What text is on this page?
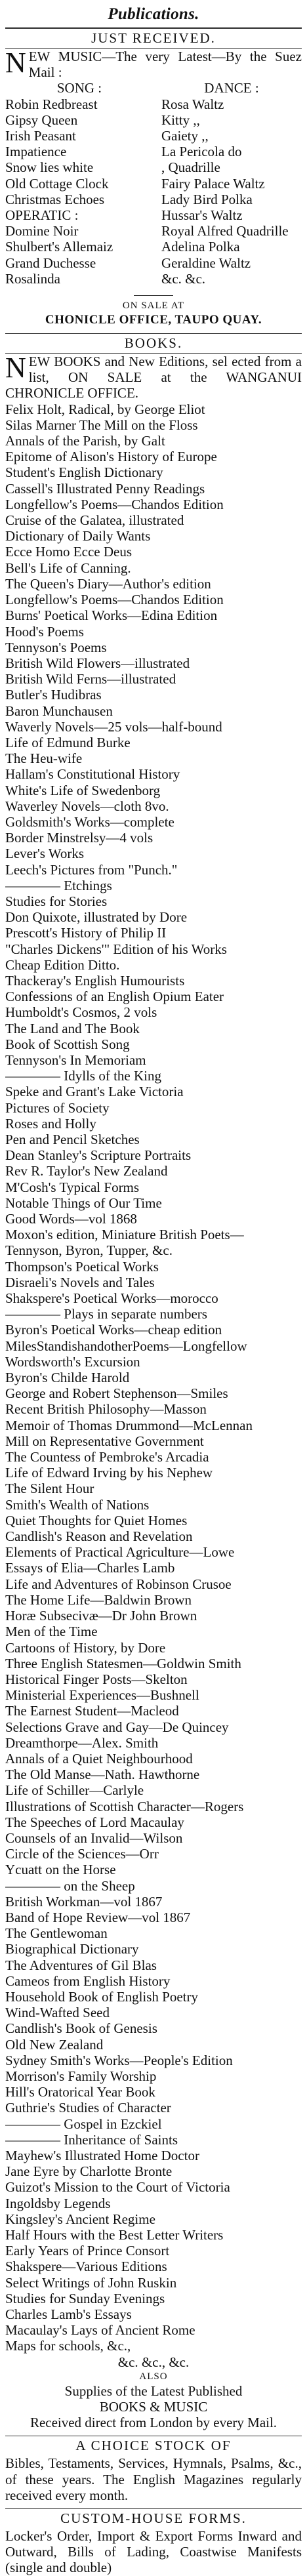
Publications.
JUST RECEIVED.
NEW MUSIC—The very Latest—By the Suez Mail :
SONG :	DANCE :
Robin Redbreast	Rosa Waltz
Gipsy Queen	Kitty ,,
Irish Peasant	Gaiety ,,
Impatience	La Pericola do
Snow lies white	, Quadrille
Old Cottage Clock	Fairy Palace Waltz
Christmas Echoes	Lady Bird Polka
OPERATIC :	Hussar's Waltz
Domine Noir	Royal Alfred Quadrille
Shulbert's Allemaiz	Adelina Polka
Grand Duchesse	Geraldine Waltz
Rosalinda	&c. &c.
ON SALE AT
CHONICLE OFFICE, TAUPO QUAY.
BOOKS.
NEW BOOKS and New Editions, sel ected from a list, ON SALE at the WANGANUI CHRONICLE OFFICE.
Felix Holt, Radical, by George Eliot
Silas Marner The Mill on the Floss
Annals of the Parish, by Galt
Epitome of Alison's History of Europe
Student's English Dictionary
Cassell's Illustrated Penny Readings
Longfellow's Poems—Chandos Edition
Cruise of the Galatea, illustrated
Dictionary of Daily Wants
Ecce Homo Ecce Deus
Bell's Life of Canning.
The Queen's Diary—Author's edition
Longfellow's Poems—Chandos Edition
Burns' Poetical Works—Edina Edition
Hood's Poems
Tennyson's Poems
British Wild Flowers—illustrated
British Wild Ferns—illustrated
Butler's Hudibras
Baron Munchausen
Waverly Novels—25 vols—half-bound
Life of Edmund Burke
The Heu-wife
Hallam's Constitutional History
White's Life of Swedenborg
Waverley Novels—cloth 8vo.
Goldsmith's Works—complete
Border Minstrelsy—4 vols
Lever's Works
Leech's Pictures from "Punch."
———— Etchings
Studies for Stories
Don Quixote, illustrated by Dore
Prescott's History of Philip II
"Charles Dickens'" Edition of his Works
Cheap Edition Ditto.
Thackeray's English Humourists
Confessions of an English Opium Eater
Humboldt's Cosmos, 2 vols
The Land and The Book
Book of Scottish Song
Tennyson's In Memoriam
———— Idylls of the King
Speke and Grant's Lake Victoria
Pictures of Society
Roses and Holly
Pen and Pencil Sketches
Dean Stanley's Scripture Portraits
Rev R. Taylor's New Zealand
M'Cosh's Typical Forms
Notable Things of Our Time
Good Words—vol 1868
Moxon's edition, Miniature British Poets—
Tennyson, Byron, Tupper, &c.
Thompson's Poetical Works
Disraeli's Novels and Tales
Shakspere's Poetical Works—morocco
———— Plays in separate numbers
Byron's Poetical Works—cheap edition
MilesStandishandotherPoems—Longfellow
Wordsworth's Excursion
Byron's Childe Harold
George and Robert Stephenson—Smiles
Recent British Philosophy—Masson
Memoir of Thomas Drummond—McLennan
Mill on Representative Government
The Countess of Pembroke's Arcadia
Life of Edward Irving by his Nephew
The Silent Hour
Smith's Wealth of Nations
Quiet Thoughts for Quiet Homes
Candlish's Reason and Revelation
Elements of Practical Agriculture—Lowe
Essays of Elia—Charles Lamb
Life and Adventures of Robinson Crusoe
The Home Life—Baldwin Brown
Horæ Subsecivæ—Dr John Brown
Men of the Time
Cartoons of History, by Dore
Three English Statesmen—Goldwin Smith
Historical Finger Posts—Skelton
Ministerial Experiences—Bushnell
The Earnest Student—Macleod
Selections Grave and Gay—De Quincey
Dreamthorpe—Alex. Smith
Annals of a Quiet Neighbourhood
The Old Manse—Nath. Hawthorne
Life of Schiller—Carlyle
Illustrations of Scottish Character—Rogers
The Speeches of Lord Macaulay
Counsels of an Invalid—Wilson
Circle of the Sciences—Orr
Ycuatt on the Horse
———— on the Sheep
British Workman—vol 1867
Band of Hope Review—vol 1867
The Gentlewoman
Biographical Dictionary
The Adventures of Gil Blas
Cameos from English History
Household Book of English Poetry
Wind-Wafted Seed
Candlish's Book of Genesis
Old New Zealand
Sydney Smith's Works—People's Edition
Morrison's Family Worship
Hill's Oratorical Year Book
Guthrie's Studies of Character
———— Gospel in Ezckiel
———— Inheritance of Saints
Mayhew's Illustrated Home Doctor
Jane Eyre by Charlotte Bronte
Guizot's Mission to the Court of Victoria
Ingoldsby Legends
Kingsley's Ancient Regime
Half Hours with the Best Letter Writers
Early Years of Prince Consort
Shakspere—Various Editions
Select Writings of John Ruskin
Studies for Sunday Evenings
Charles Lamb's Essays
Macaulay's Lays of Ancient Rome
Maps for schools, &c.,
&c. &c., &c.
ALSO
Supplies of the Latest Published
BOOKS & MUSIC
Received direct from London by every Mail.
A CHOICE STOCK OF
Bibles, Testaments, Services, Hymnals, Psalms, &c., of these years. The English Magazines regularly received every month.
CUSTOM-HOUSE FORMS.
Locker's Order, Import & Export Forms Inward and Outward, Bills of Lading, Coastwise Manifests (single and double)
